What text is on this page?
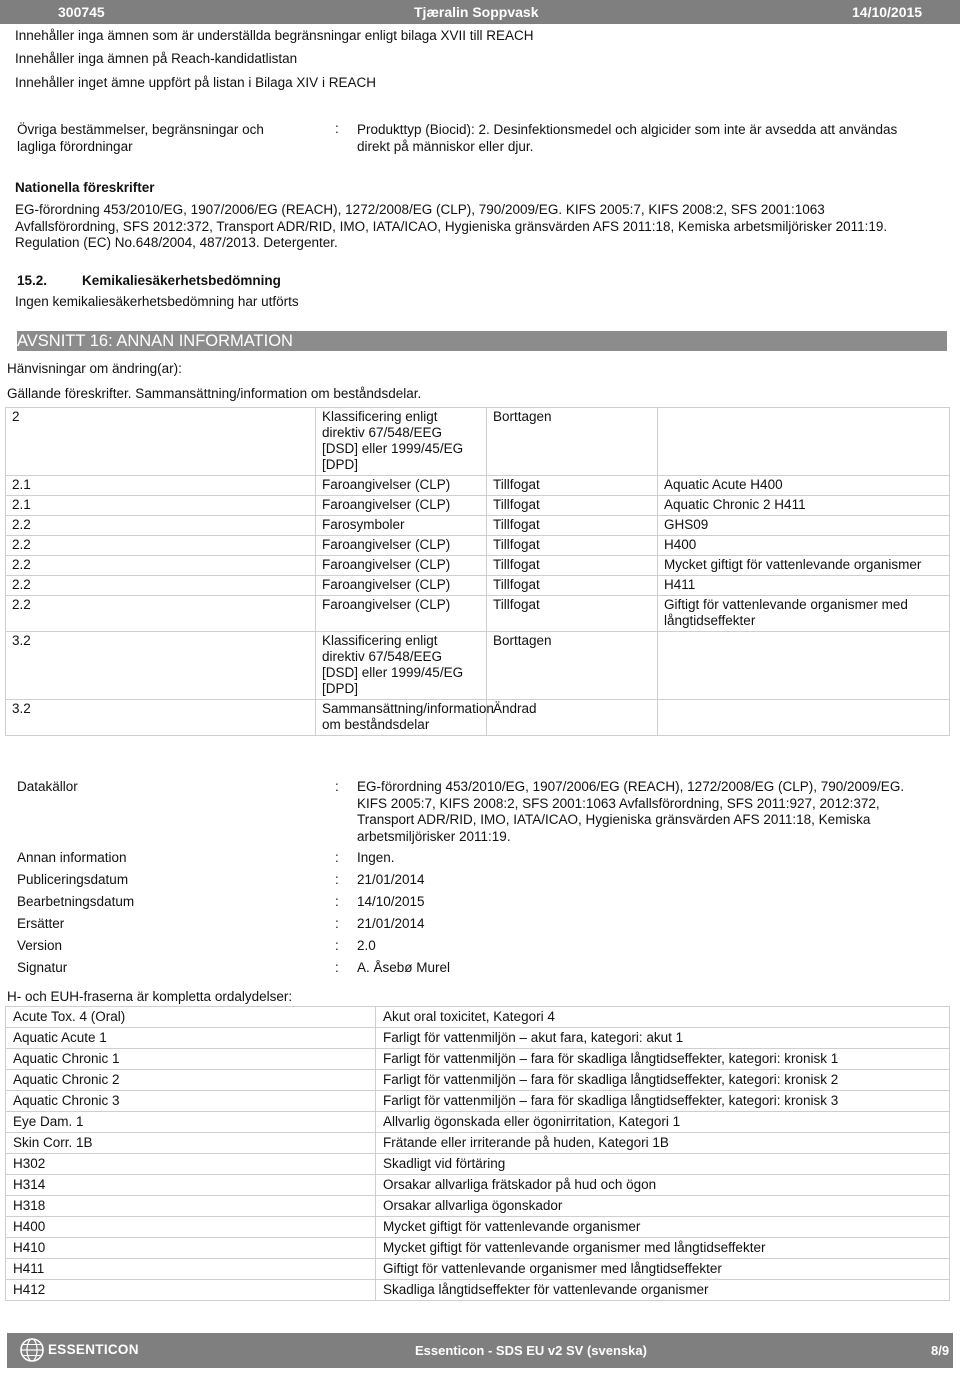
300745	Tjæralin Soppvask	14/10/2015
Innehåller inga ämnen som är underställda begränsningar enligt bilaga XVII till REACH
Innehåller inga ämnen på Reach-kandidatlistan
Innehåller inget ämne uppfört på listan i Bilaga XIV i REACH
Övriga bestämmelser, begränsningar och
lagliga förordningar
: Produkttyp (Biocid): 2. Desinfektionsmedel och algicider som inte är avsedda att användas
direkt på människor eller djur.
Nationella föreskrifter
EG-förordning 453/2010/EG, 1907/2006/EG (REACH), 1272/2008/EG (CLP), 790/2009/EG. KIFS 2005:7, KIFS 2008:2, SFS 2001:1063
Avfallsförordning, SFS 2012:372, Transport ADR/RID, IMO, IATA/ICAO, Hygieniska gränsvärden AFS 2011:18, Kemiska arbetsmiljörisker 2011:19.
Regulation (EC) No.648/2004, 487/2013. Detergenter.
15.2.	Kemikaliesäkerhetsbedömning
Ingen kemikaliesäkerhetsbedömning har utförts
AVSNITT 16: ANNAN INFORMATION
Hänvisningar om ändring(ar):
Gällande föreskrifter. Sammansättning/information om beståndsdelar.
2	Klassificering enligt direktiv 67/548/EEG [DSD] eller 1999/45/EG [DPD]	Borttagen	
2.1	Faroangivelser (CLP)	Tillfogat	Aquatic Acute H400
2.1	Faroangivelser (CLP)	Tillfogat	Aquatic Chronic 2 H411
2.2	Farosymboler	Tillfogat	GHS09
2.2	Faroangivelser (CLP)	Tillfogat	H400
2.2	Faroangivelser (CLP)	Tillfogat	Mycket giftigt för vattenlevande organismer
2.2	Faroangivelser (CLP)	Tillfogat	H411
2.2	Faroangivelser (CLP)	Tillfogat	Giftigt för vattenlevande organismer med långtidseffekter
3.2	Klassificering enligt direktiv 67/548/EEG [DSD] eller 1999/45/EG [DPD]	Borttagen	
3.2	Sammansättning/information om beståndsdelar	Ändrad	
Datakällor	: EG-förordning 453/2010/EG, 1907/2006/EG (REACH), 1272/2008/EG (CLP), 790/2009/EG. KIFS 2005:7, KIFS 2008:2, SFS 2001:1063 Avfallsförordning, SFS 2011:927, 2012:372, Transport ADR/RID, IMO, IATA/ICAO, Hygieniska gränsvärden AFS 2011:18, Kemiska arbetsmiljörisker 2011:19.
Annan information	: Ingen.
Publiceringsdatum	: 21/01/2014
Bearbetningsdatum	: 14/10/2015
Ersätter	: 21/01/2014
Version	: 2.0
Signatur	: A. Åsebø Murel
H- och EUH-fraserna är kompletta ordalydelser:
Acute Tox. 4 (Oral)	Akut oral toxicitet, Kategori 4
Aquatic Acute 1	Farligt för vattenmiljön – akut fara, kategori: akut 1
Aquatic Chronic 1	Farligt för vattenmiljön – fara för skadliga långtidseffekter, kategori: kronisk 1
Aquatic Chronic 2	Farligt för vattenmiljön – fara för skadliga långtidseffekter, kategori: kronisk 2
Aquatic Chronic 3	Farligt för vattenmiljön – fara för skadliga långtidseffekter, kategori: kronisk 3
Eye Dam. 1	Allvarlig ögonskada eller ögonirritation, Kategori 1
Skin Corr. 1B	Frätande eller irriterande på huden, Kategori 1B
H302	Skadligt vid förtäring
H314	Orsakar allvarliga frätskador på hud och ögon
H318	Orsakar allvarliga ögonskador
H400	Mycket giftigt för vattenlevande organismer
H410	Mycket giftigt för vattenlevande organismer med långtidseffekter
H411	Giftigt för vattenlevande organismer med långtidseffekter
H412	Skadliga långtidseffekter för vattenlevande organismer
ESSENTICON	Essenticon - SDS EU v2 SV (svenska)	8/9
